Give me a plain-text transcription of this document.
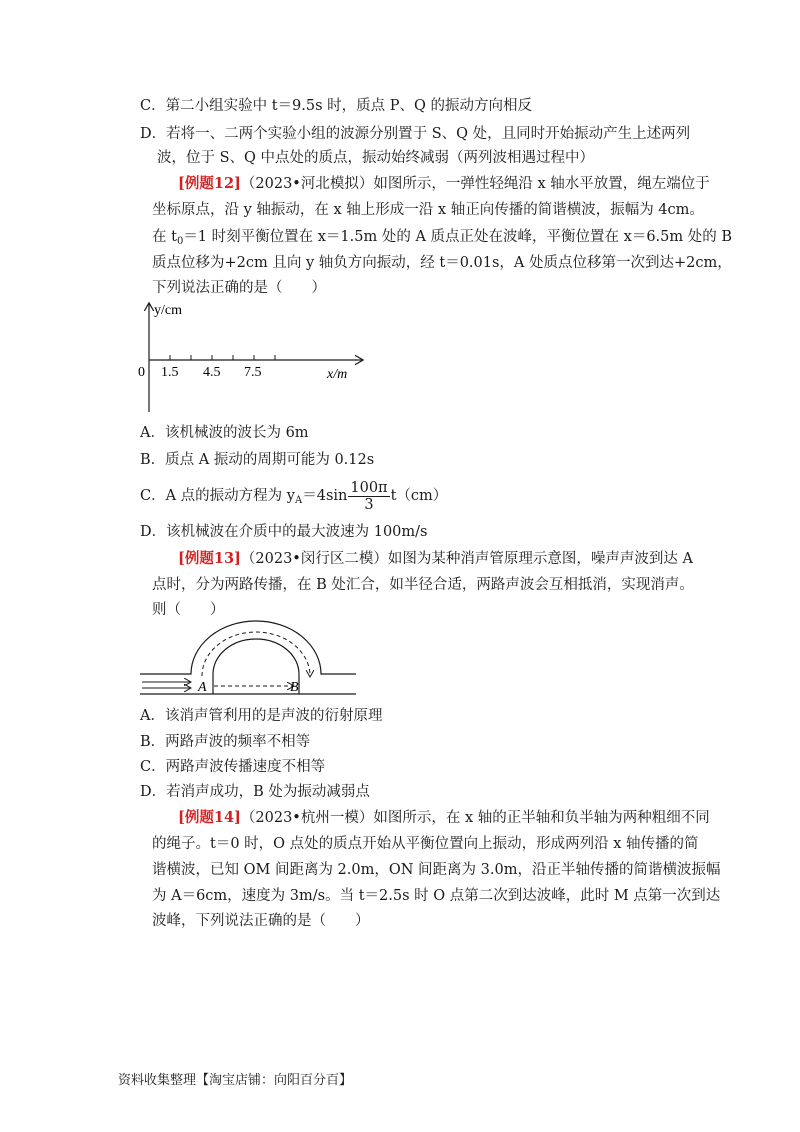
C．第二小组实验中 t＝9.5s 时，质点 P、Q 的振动方向相反
D．若将一、二两个实验小组的波源分别置于 S、Q 处，且同时开始振动产生上述两列
波，位于 S、Q 中点处的质点，振动始终减弱（两列波相遇过程中）
[例题12]（2023•河北模拟）如图所示，一弹性轻绳沿 x 轴水平放置，绳左端位于
坐标原点，沿 y 轴振动，在 x 轴上形成一沿 x 轴正向传播的简谐横波，振幅为 4cm。
在 $t_0=1$ 时刻平衡位置在 x＝1.5m 处的 A 质点正处在波峰，平衡位置在 x＝6.5m 处的 B
质点位移为+2cm 且向 y 轴负方向振动，经 t＝0.01s，A 处质点位移第一次到达+2cm，
下列说法正确的是（　　）
y/cm
x/m
0 1.5 4.5 7.5
A．该机械波的波长为 6m
B．质点 A 振动的周期可能为 0.12s
C．A 点的振动方程为 $y_A=4\sin \frac{100\pi}{3} t(cm)$
D．该机械波在介质中的最大波速为 100m/s
[例题13]（2023•闵行区二模）如图为某种消声管原理示意图，噪声声波到达 A
点时，分为两路传播，在 B 处汇合，如半径合适，两路声波会互相抵消，实现消声。
则（　　）
A	B
A．该消声管利用的是声波的衍射原理
B．两路声波的频率不相等
C．两路声波传播速度不相等
D．若消声成功，B 处为振动减弱点
[例题14]（2023•杭州一模）如图所示，在 x 轴的正半轴和负半轴为两种粗细不同
的绳子。t＝0 时，O 点处的质点开始从平衡位置向上振动，形成两列沿 x 轴传播的简
谐横波，已知 OM 间距离为 2.0m，ON 间距离为 3.0m，沿正半轴传播的简谐横波振幅
为 A＝6cm，速度为 3m/s。当 t＝2.5s 时 O 点第二次到达波峰，此时 M 点第一次到达
波峰，下列说法正确的是（　　）
资料收集整理【淘宝店铺：向阳百分百】
